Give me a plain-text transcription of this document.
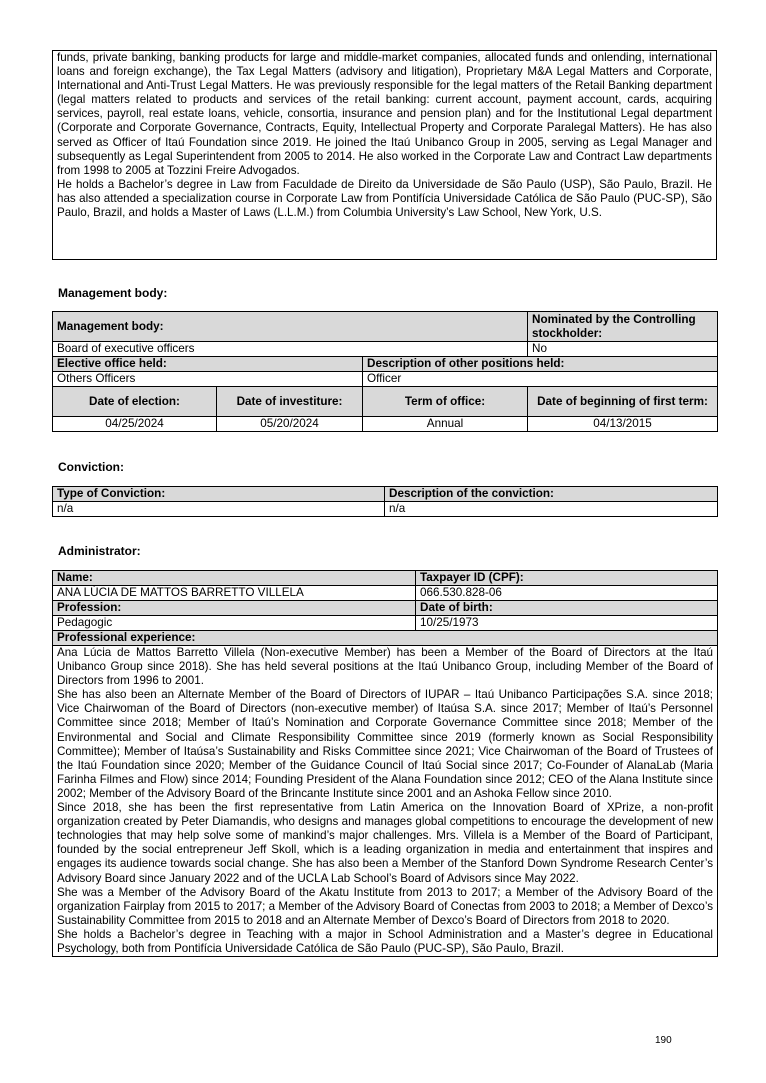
funds, private banking, banking products for large and middle-market companies, allocated funds and onlending, international loans and foreign exchange), the Tax Legal Matters (advisory and litigation), Proprietary M&A Legal Matters and Corporate, International and Anti-Trust Legal Matters. He was previously responsible for the legal matters of the Retail Banking department (legal matters related to products and services of the retail banking: current account, payment account, cards, acquiring services, payroll, real estate loans, vehicle, consortia, insurance and pension plan) and for the Institutional Legal department (Corporate and Corporate Governance, Contracts, Equity, Intellectual Property and Corporate Paralegal Matters). He has also served as Officer of Itaú Foundation since 2019. He joined the Itaú Unibanco Group in 2005, serving as Legal Manager and subsequently as Legal Superintendent from 2005 to 2014. He also worked in the Corporate Law and Contract Law departments from 1998 to 2005 at Tozzini Freire Advogados.

He holds a Bachelor’s degree in Law from Faculdade de Direito da Universidade de São Paulo (USP), São Paulo, Brazil. He has also attended a specialization course in Corporate Law from Pontifícia Universidade Católica de São Paulo (PUC-SP), São Paulo, Brazil, and holds a Master of Laws (L.L.M.) from Columbia University’s Law School, New York, U.S.

Management body:
Management body:			Nominated by the Controlling stockholder:
Board of executive officers			No
Elective office held:		Description of other positions held:	
Others Officers		Officer	
Date of election:	Date of investiture:	Term of office:	Date of beginning of first term:
04/25/2024	05/20/2024	Annual	04/13/2015
Conviction:
Type of Conviction:	Description of the conviction:
n/a	n/a
Administrator:
Name:	Taxpayer ID (CPF):
ANA LÚCIA DE MATTOS BARRETTO VILLELA	066.530.828-06
Profession:	Date of birth:
Pedagogic	10/25/1973
Professional experience:	

Ana Lúcia de Mattos Barretto Villela (Non-executive Member) has been a Member of the Board of Directors at the Itaú Unibanco Group since 2018). She has held several positions at the Itaú Unibanco Group, including Member of the Board of Directors from 1996 to 2001.

She has also been an Alternate Member of the Board of Directors of IUPAR – Itaú Unibanco Participações S.A. since 2018; Vice Chairwoman of the Board of Directors (non-executive member) of Itaúsa S.A. since 2017; Member of Itaú’s Personnel Committee since 2018; Member of Itaú’s Nomination and Corporate Governance Committee since 2018; Member of the Environmental and Social and Climate Responsibility Committee since 2019 (formerly known as Social Responsibility Committee); Member of Itaúsa’s Sustainability and Risks Committee since 2021; Vice Chairwoman of the Board of Trustees of the Itaú Foundation since 2020; Member of the Guidance Council of Itaú Social since 2017; Co-Founder of AlanaLab (Maria Farinha Filmes and Flow) since 2014; Founding President of the Alana Foundation since 2012; CEO of the Alana Institute since 2002; Member of the Advisory Board of the Brincante Institute since 2001 and an Ashoka Fellow since 2010.

Since 2018, she has been the first representative from Latin America on the Innovation Board of XPrize, a non-profit organization created by Peter Diamandis, who designs and manages global competitions to encourage the development of new technologies that may help solve some of mankind’s major challenges. Mrs. Villela is a Member of the Board of Participant, founded by the social entrepreneur Jeff Skoll, which is a leading organization in media and entertainment that inspires and engages its audience towards social change. She has also been a Member of the Stanford Down Syndrome Research Center’s Advisory Board since January 2022 and of the UCLA Lab School’s Board of Advisors since May 2022.

She was a Member of the Advisory Board of the Akatu Institute from 2013 to 2017; a Member of the Advisory Board of the organization Fairplay from 2015 to 2017; a Member of the Advisory Board of Conectas from 2003 to 2018; a Member of Dexco’s Sustainability Committee from 2015 to 2018 and an Alternate Member of Dexco’s Board of Directors from 2018 to 2020.

She holds a Bachelor’s degree in Teaching with a major in School Administration and a Master’s degree in Educational Psychology, both from Pontifícia Universidade Católica de São Paulo (PUC-SP), São Paulo, Brazil.	

190
